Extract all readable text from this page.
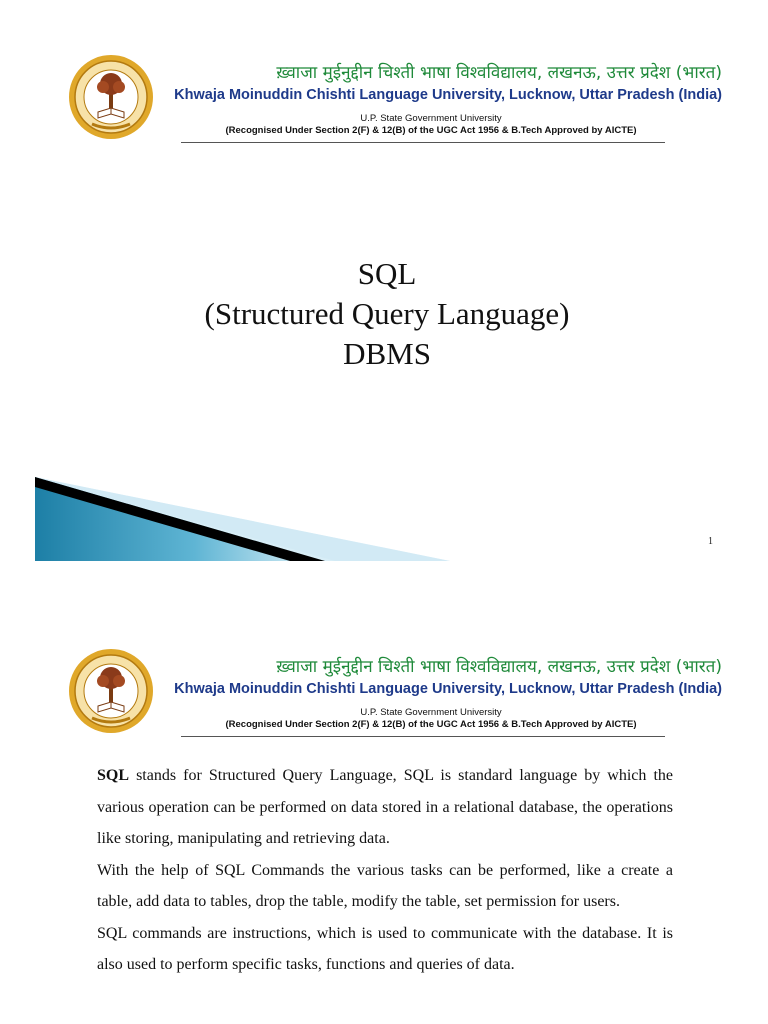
ख़्वाजा मुईनुद्दीन चिश्ती भाषा विश्वविद्यालय, लखनऊ, उत्तर प्रदेश (भारत)
Khwaja Moinuddin Chishti Language University, Lucknow, Uttar Pradesh (India)
U.P. State Government University
(Recognised Under Section 2(F) & 12(B) of the UGC Act 1956 & B.Tech Approved by AICTE)
SQL
(Structured Query Language)
DBMS
1
ख़्वाजा मुईनुद्दीन चिश्ती भाषा विश्वविद्यालय, लखनऊ, उत्तर प्रदेश (भारत)
Khwaja Moinuddin Chishti Language University, Lucknow, Uttar Pradesh (India)
U.P. State Government University
(Recognised Under Section 2(F) & 12(B) of the UGC Act 1956 & B.Tech Approved by AICTE)

SQL stands for Structured Query Language, SQL is standard language by which the various operation can be performed on data stored in a relational database, the operations like storing, manipulating and retrieving data.

With the help of SQL Commands the various tasks can be performed, like a create a table, add data to tables, drop the table, modify the table, set permission for users.

SQL commands are instructions, which is used to communicate with the database. It is also used to perform specific tasks, functions and queries of data.
